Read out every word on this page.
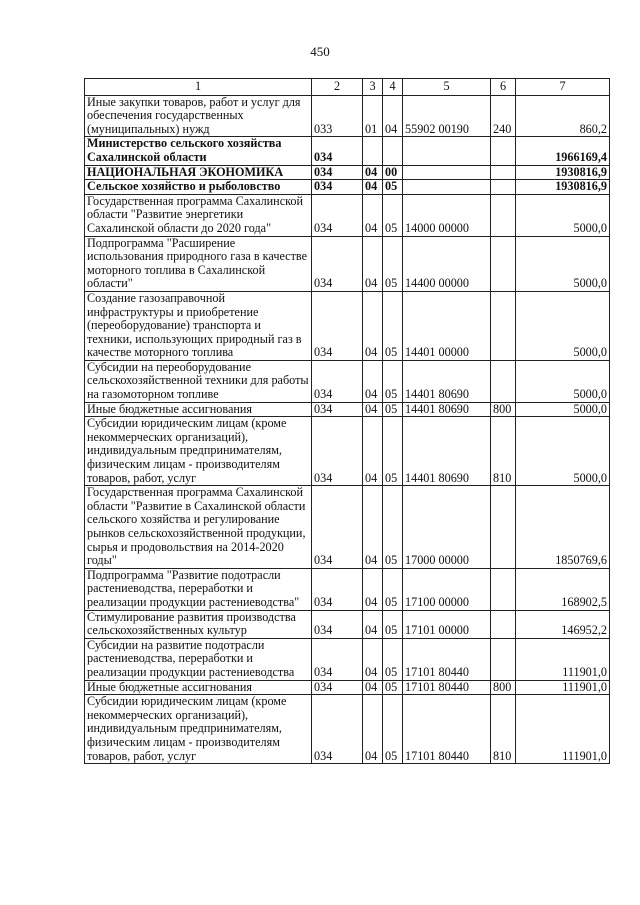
450
1	2	3	4	5	6	7
Иные закупки товаров, работ и услуг для обеспечения государственных (муниципальных) нужд	033	01	04	55902 00190	240	860,2
Министерство сельского хозяйства Сахалинской области	034					1966169,4
НАЦИОНАЛЬНАЯ ЭКОНОМИКА	034	04	00			1930816,9
Сельское хозяйство и рыболовство	034	04	05			1930816,9
Государственная программа Сахалинской области "Развитие энергетики Сахалинской области до 2020 года"	034	04	05	14000 00000		5000,0
Подпрограмма "Расширение использования природного газа в качестве моторного топлива в Сахалинской области"	034	04	05	14400 00000		5000,0
Создание газозаправочной инфраструктуры и приобретение (переоборудование) транспорта и техники, использующих природный газ в качестве моторного топлива	034	04	05	14401 00000		5000,0
Субсидии на переоборудование сельскохозяйственной техники для работы на газомоторном топливе	034	04	05	14401 80690		5000,0
Иные бюджетные ассигнования	034	04	05	14401 80690	800	5000,0
Субсидии юридическим лицам (кроме некоммерческих организаций), индивидуальным предпринимателям, физическим лицам - производителям товаров, работ, услуг	034	04	05	14401 80690	810	5000,0
Государственная программа Сахалинской области "Развитие в Сахалинской области сельского хозяйства и регулирование рынков сельскохозяйственной продукции, сырья и продовольствия на 2014-2020 годы"	034	04	05	17000 00000		1850769,6
Подпрограмма "Развитие подотрасли растениеводства, переработки и реализации продукции растениеводства"	034	04	05	17100 00000		168902,5
Стимулирование развития производства сельскохозяйственных культур	034	04	05	17101 00000		146952,2
Субсидии на развитие подотрасли растениеводства, переработки и реализации продукции растениеводства	034	04	05	17101 80440		111901,0
Иные бюджетные ассигнования	034	04	05	17101 80440	800	111901,0
Субсидии юридическим лицам (кроме некоммерческих организаций), индивидуальным предпринимателям, физическим лицам - производителям товаров, работ, услуг	034	04	05	17101 80440	810	111901,0
